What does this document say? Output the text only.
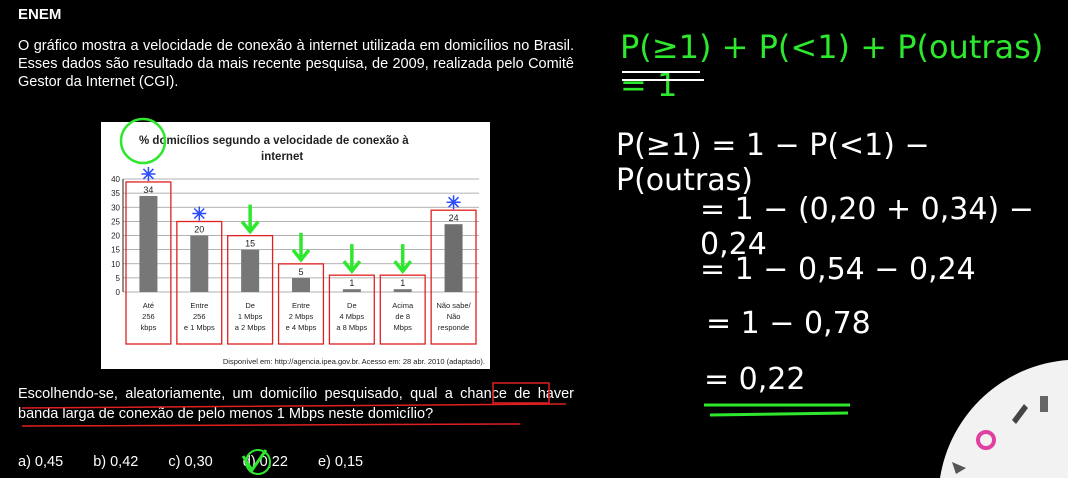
ENEM
O gráfico mostra a velocidade de conexão à internet utilizada em domicílios no Brasil. Esses dados são resultado da mais recente pesquisa, de 2009, realizada pelo Comitê Gestor da Internet (CGI).
% domicílios segundo a velocidade de conexão à
internet
0
5
10
15
20
25
30
35
40
34
Até
256
kbps
20
Entre
256
e 1 Mbps
15
De
1 Mbps
a 2 Mbps
5
Entre
2 Mbps
e 4 Mbps
1
De
4 Mbps
a 8 Mbps
1
Acima
de 8
Mbps
24
Não sabe/
Não
responde
Disponível em: http://agencia.ipea.gov.br. Acesso em: 28 abr. 2010 (adaptado).
Escolhendo-se, aleatoriamente, um domicílio pesquisado, qual a chance de haver banda larga de conexão de pelo menos 1 Mbps neste domicílio?
a) 0,45 b) 0,42 c) 0,30 d) 0,22 e) 0,15
P(≥1) + P(<1) + P(outras) = 1
P(≥1) = 1 − P(<1) − P(outras)
= 1 − (0,20 + 0,34) − 0,24
= 1 − 0,54 − 0,24
= 1 − 0,78
= 0,22
